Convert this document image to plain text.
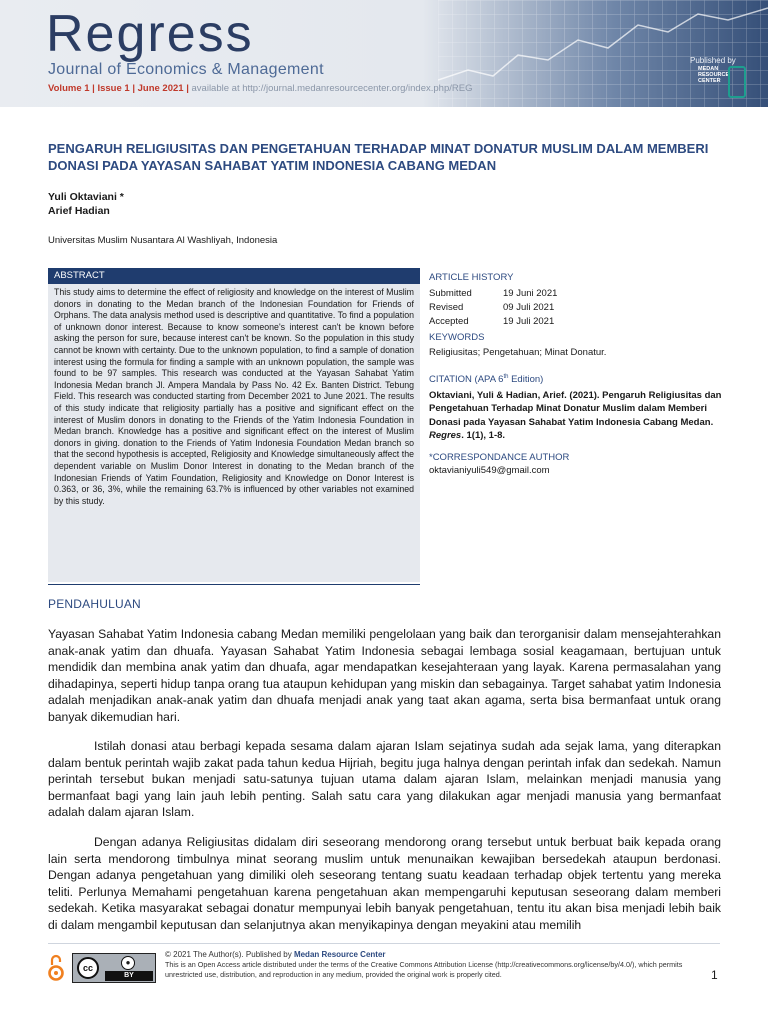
Regress
Journal of Economics & Management
Volume 1 | Issue 1 | June 2021 | available at http://journal.medanresourcecenter.org/index.php/REG
Published by
MEDAN RESOURCE CENTER
PENGARUH RELIGIUSITAS DAN PENGETAHUAN TERHADAP MINAT DONATUR MUSLIM DALAM MEMBERI DONASI PADA YAYASAN SAHABAT YATIM INDONESIA CABANG MEDAN
Yuli Oktaviani *
Arief Hadian
Universitas Muslim Nusantara Al Washliyah, Indonesia
ABSTRACT
This study aims to determine the effect of religiosity and knowledge on the interest of Muslim donors in donating to the Medan branch of the Indonesian Foundation for Friends of Orphans. The data analysis method used is descriptive and quantitative. To find a population of unknown donor interest. Because to know someone's interest can't be known before asking the person for sure, because interest can't be known. So the population in this study cannot be known with certainty. Due to the unknown population, to find a sample of donation interest using the formula for finding a sample with an unknown population, the sample was found to be 97 samples. This research was conducted at the Yayasan Sahabat Yatim Indonesia Medan branch Jl. Ampera Mandala by Pass No. 42 Ex. Banten District. Tebung Field. This research was conducted starting from December 2021 to June 2021. The results of this study indicate that religiosity partially has a positive and significant effect on the interest of Muslim donors in donating to the Friends of the Yatim Indonesia Foundation in Medan branch. Knowledge has a positive and significant effect on the interest of Muslim donors in giving. donation to the Friends of Yatim Indonesia Foundation Medan branch so that the second hypothesis is accepted, Religiosity and Knowledge simultaneously affect the dependent variable on Muslim Donor Interest in donating to the Medan branch of the Indonesian Friends of Yatim Foundation, Religiosity and Knowledge on Donor Interest is 0.363, or 36, 3%, while the remaining 63.7% is influenced by other variables not examined by this study.
ARTICLE HISTORY
Submitted	19 Juni 2021
Revised	09 Juli 2021
Accepted	19 Juli 2021
KEYWORDS
Religiusitas; Pengetahuan; Minat Donatur.
CITATION (APA 6th Edition)
Oktaviani, Yuli & Hadian, Arief. (2021). Pengaruh Religiusitas dan Pengetahuan Terhadap Minat Donatur Muslim dalam Memberi Donasi pada Yayasan Sahabat Yatim Indonesia Cabang Medan. Regres. 1(1), 1-8.
*CORRESPONDANCE AUTHOR
oktavianiyuli549@gmail.com
PENDAHULUAN
Yayasan Sahabat Yatim Indonesia cabang Medan memiliki pengelolaan yang baik dan terorganisir dalam mensejahterahkan anak-anak yatim dan dhuafa. Yayasan Sahabat Yatim Indonesia sebagai lembaga sosial keagamaan, bertujuan untuk mendidik dan membina anak yatim dan dhuafa, agar mendapatkan kesejahteraan yang layak. Karena permasalahan yang dihadapinya, seperti hidup tanpa orang tua ataupun kehidupan yang miskin dan sebagainya. Target sahabat yatim Indonesia adalah menjadikan anak-anak yatim dan dhuafa menjadi anak yang taat akan agama, serta bisa bermanfaat untuk orang banyak dikemudian hari.
Istilah donasi atau berbagi kepada sesama dalam ajaran Islam sejatinya sudah ada sejak lama, yang diterapkan dalam bentuk perintah wajib zakat pada tahun kedua Hijriah, begitu juga halnya dengan perintah infak dan sedekah. Namun perintah tersebut bukan menjadi satu-satunya tujuan utama dalam ajaran Islam, melainkan menjadi manusia yang bermanfaat bagi yang lain jauh lebih penting. Salah satu cara yang dilakukan agar menjadi manusia yang bermanfaat adalah dalam ajaran Islam.
Dengan adanya Religiusitas didalam diri seseorang mendorong orang tersebut untuk berbuat baik kepada orang lain serta mendorong timbulnya minat seorang muslim untuk menunaikan kewajiban bersedekah ataupun berdonasi. Dengan adanya pengetahuan yang dimiliki oleh seseorang tentang suatu keadaan terhadap objek tertentu yang mereka teliti. Perlunya Memahami pengetahuan karena pengetahuan akan mempengaruhi keputusan seseorang dalam memberi sedekah. Ketika masyarakat sebagai donatur mempunyai lebih banyak pengetahuan, tentu itu akan bisa menjadi lebih baik di dalam mengambil keputusan dan selanjutnya akan menyikapinya dengan meyakini atau memilih
cc
●
BY
© 2021 The Author(s). Published by Medan Resource Center
This is an Open Access article distributed under the terms of the Creative Commons Attribution License (http://creativecommons.org/license/by/4.0/), which permits unrestricted use, distribution, and reproduction in any medium, provided the original work is properly cited.	1
